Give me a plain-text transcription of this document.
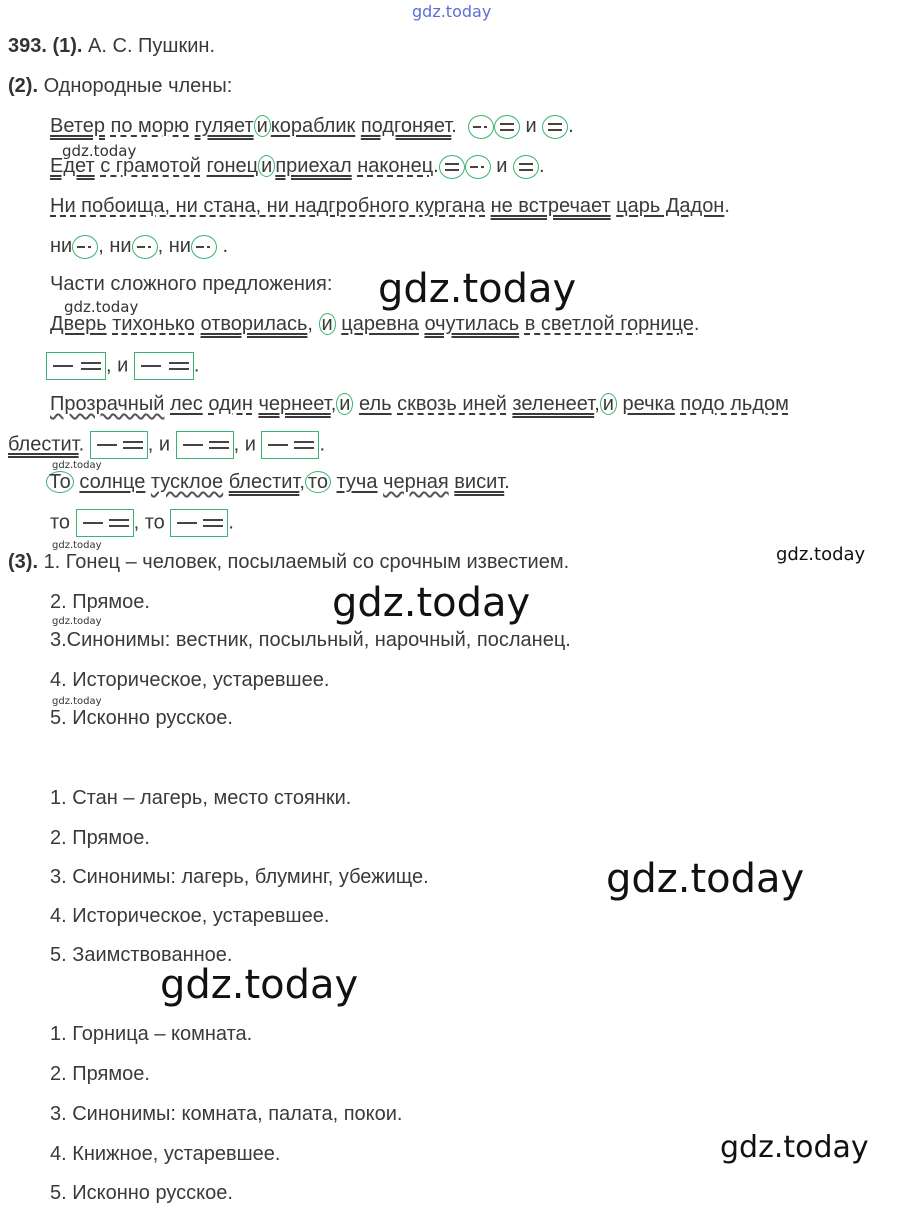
gdz.today
393. (1). А. С. Пушкин.
(2). Однородные члены:
Ветер по морю гуляет и кораблик подгоняет.	и .
gdz.today
Едет с грамотой гонец и приехал наконец.	и .
Ни побоища, ни стана, ни надгробного кургана не встречает царь Дадон.
ни , ни , ни .
Части сложного предложения: gdz.today
gdz.today
Дверь тихонько отворилась, и царевна очутилась в светлой горнице.
, и	.
Прозрачный лес один чернеет, и ель сквозь иней зеленеет, и речка подо льдом
блестит.	, и	, и	.
gdz.today
То солнце тусклое блестит, то туча черная висит.
то	, то	.
gdz.today
(3). 1. Гонец – человек, посылаемый со срочным известием.	gdz.today
2. Прямое.	gdz.today
gdz.today
3.Синонимы: вестник, посыльный, нарочный, посланец.
4. Историческое, устаревшее.
gdz.today
5. Исконно русское.
1. Стан – лагерь, место стоянки.
2. Прямое.
3. Синонимы: лагерь, блуминг, убежище.	gdz.today
4. Историческое, устаревшее.
5. Заимствованное.
gdz.today
1. Горница – комната.
2. Прямое.
3. Синонимы: комната, палата, покои.
gdz.today
4. Книжное, устаревшее.
5. Исконно русское.
